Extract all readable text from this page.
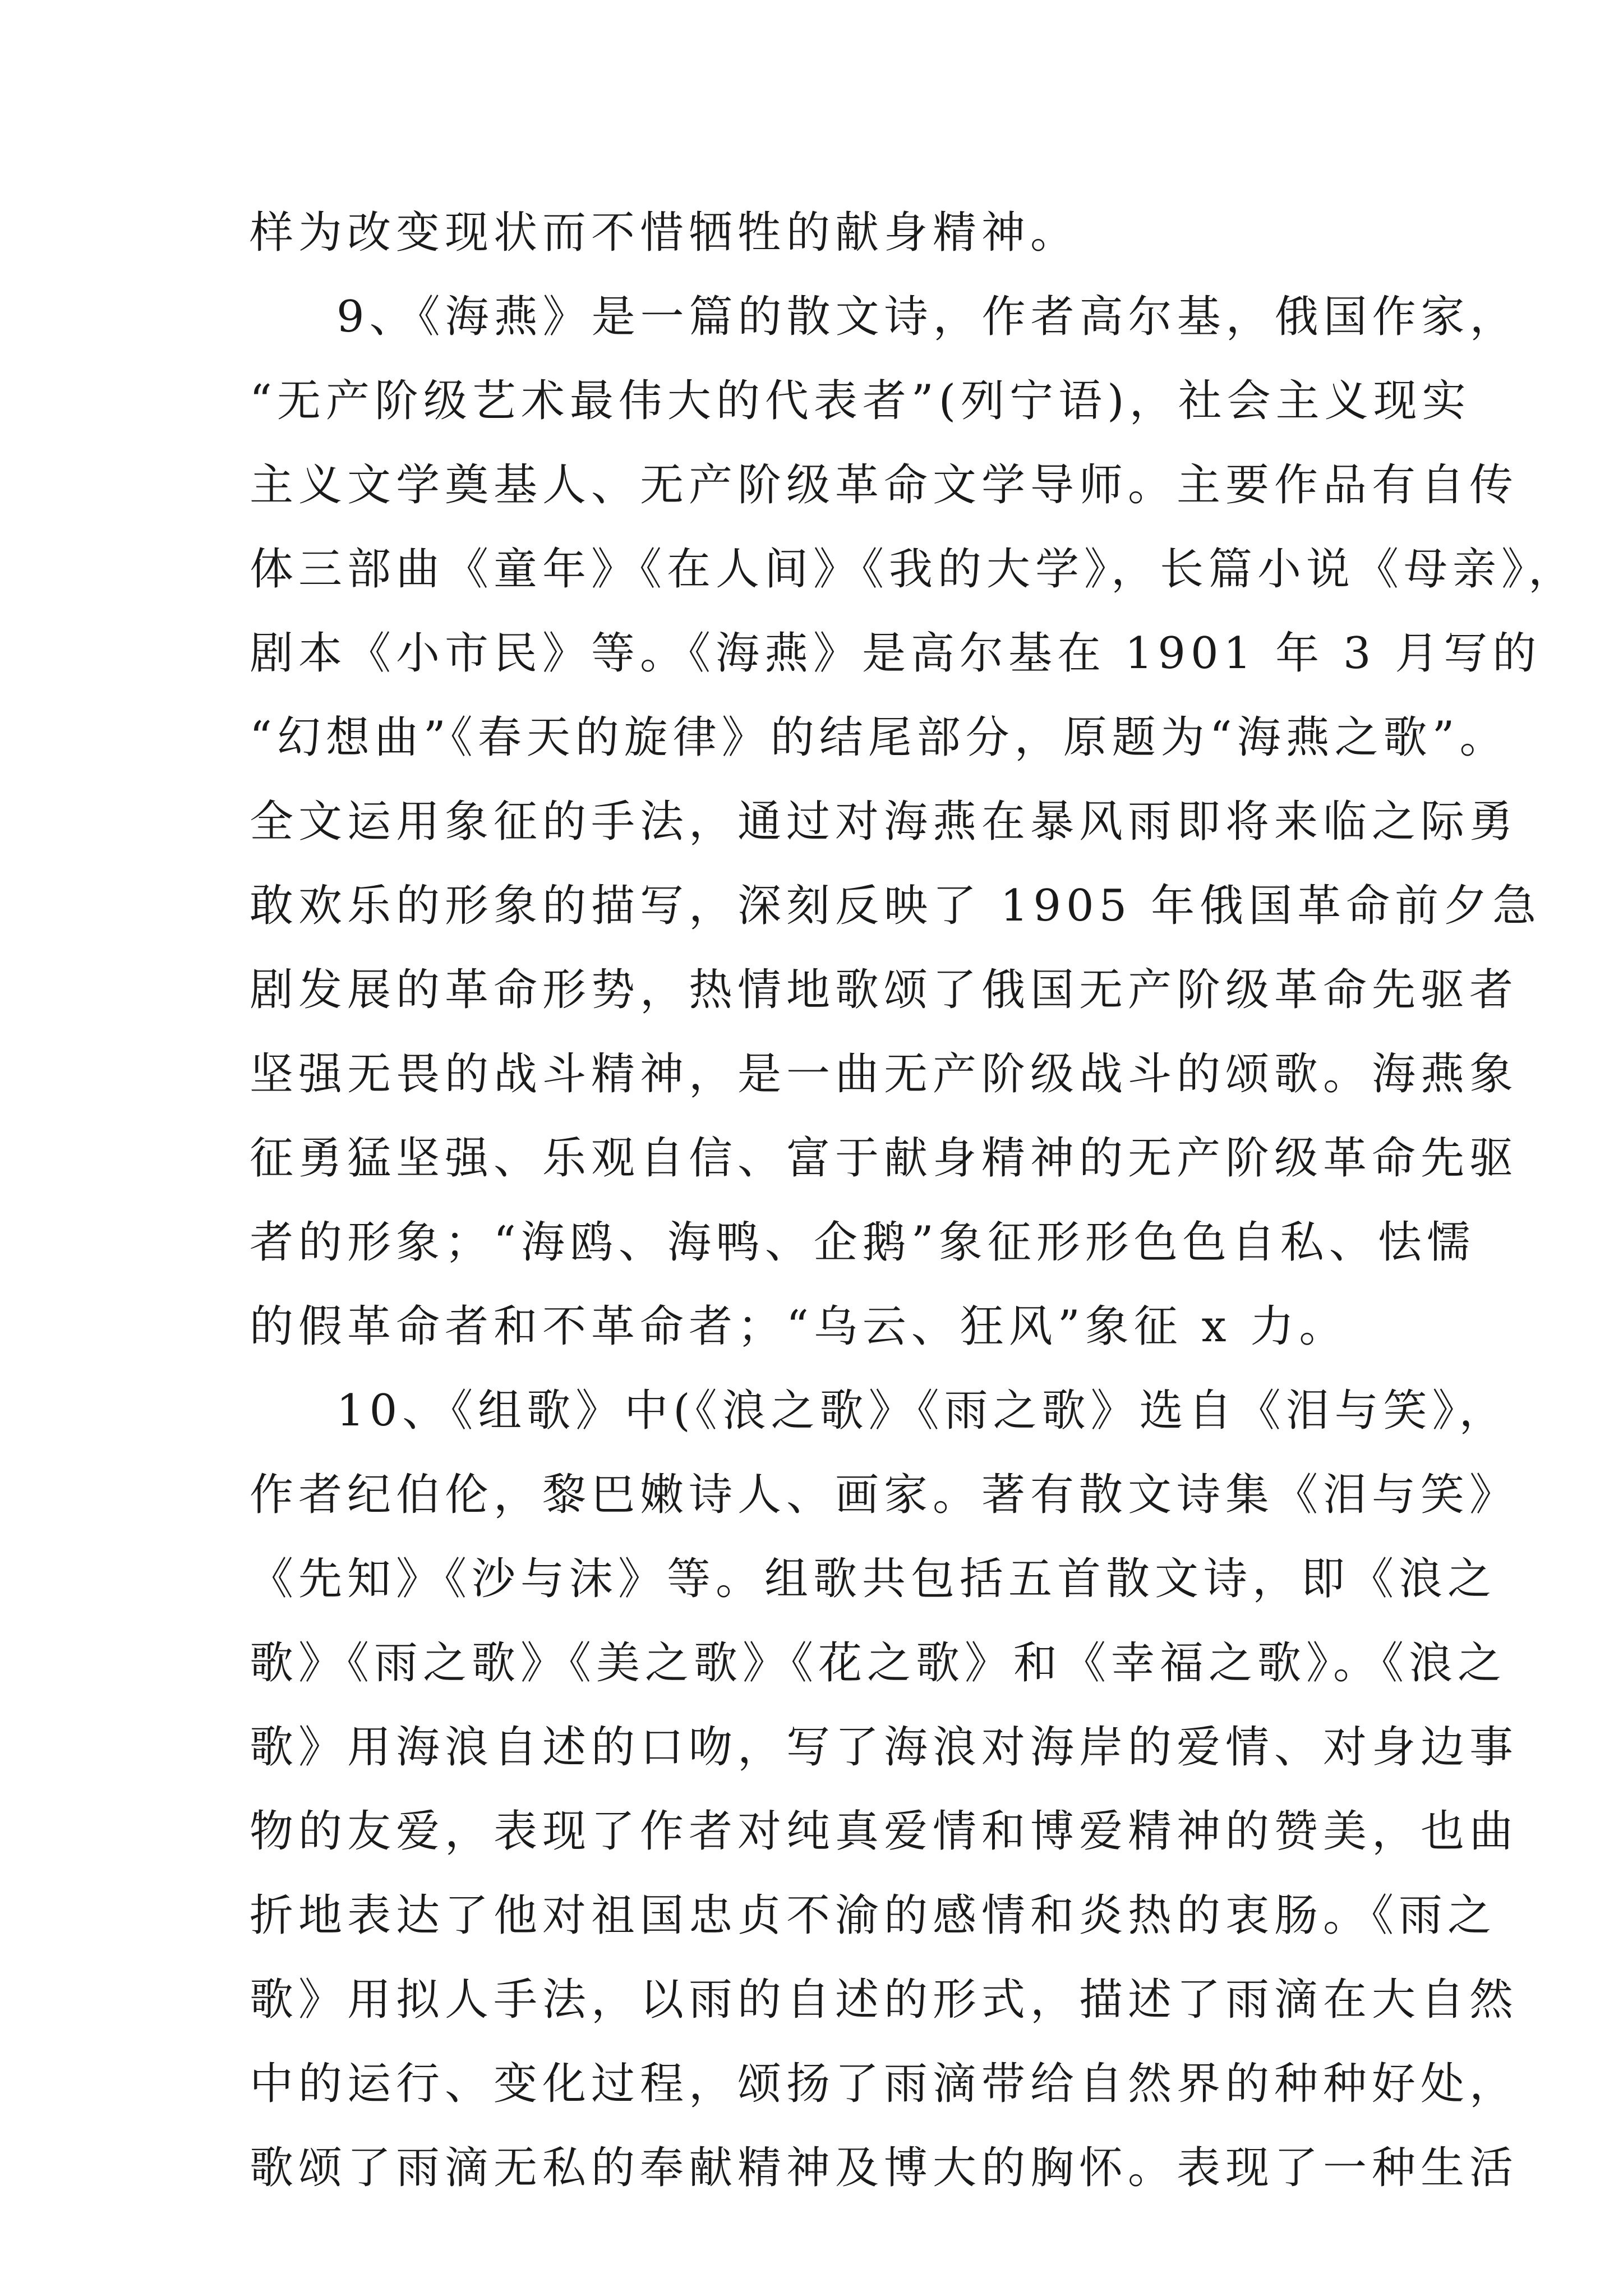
样为改变现状而不惜牺牲的献身精神。
9、《海燕》是一篇的散文诗，作者高尔基，俄国作家，
“无产阶级艺术最伟大的代表者”(列宁语)，社会主义现实
主义文学奠基人、无产阶级革命文学导师。主要作品有自传
体三部曲《童年》《在人间》《我的大学》，长篇小说《母亲》，
剧本《小市民》等。《海燕》是高尔基在 1901 年 3 月写的
“幻想曲”《春天的旋律》的结尾部分，原题为“海燕之歌”。
全文运用象征的手法，通过对海燕在暴风雨即将来临之际勇
敢欢乐的形象的描写，深刻反映了 1905 年俄国革命前夕急
剧发展的革命形势，热情地歌颂了俄国无产阶级革命先驱者
坚强无畏的战斗精神，是一曲无产阶级战斗的颂歌。海燕象
征勇猛坚强、乐观自信、富于献身精神的无产阶级革命先驱
者的形象；“海鸥、海鸭、企鹅”象征形形色色自私、怯懦
的假革命者和不革命者；“乌云、狂风”象征 x 力。
10、《组歌》中(《浪之歌》《雨之歌》选自《泪与笑》，
作者纪伯伦，黎巴嫩诗人、画家。著有散文诗集《泪与笑》
《先知》《沙与沫》等。组歌共包括五首散文诗，即《浪之
歌》《雨之歌》《美之歌》《花之歌》和《幸福之歌》。《浪之
歌》用海浪自述的口吻，写了海浪对海岸的爱情、对身边事
物的友爱，表现了作者对纯真爱情和博爱精神的赞美，也曲
折地表达了他对祖国忠贞不渝的感情和炎热的衷肠。《雨之
歌》用拟人手法，以雨的自述的形式，描述了雨滴在大自然
中的运行、变化过程，颂扬了雨滴带给自然界的种种好处，
歌颂了雨滴无私的奉献精神及博大的胸怀。表现了一种生活
